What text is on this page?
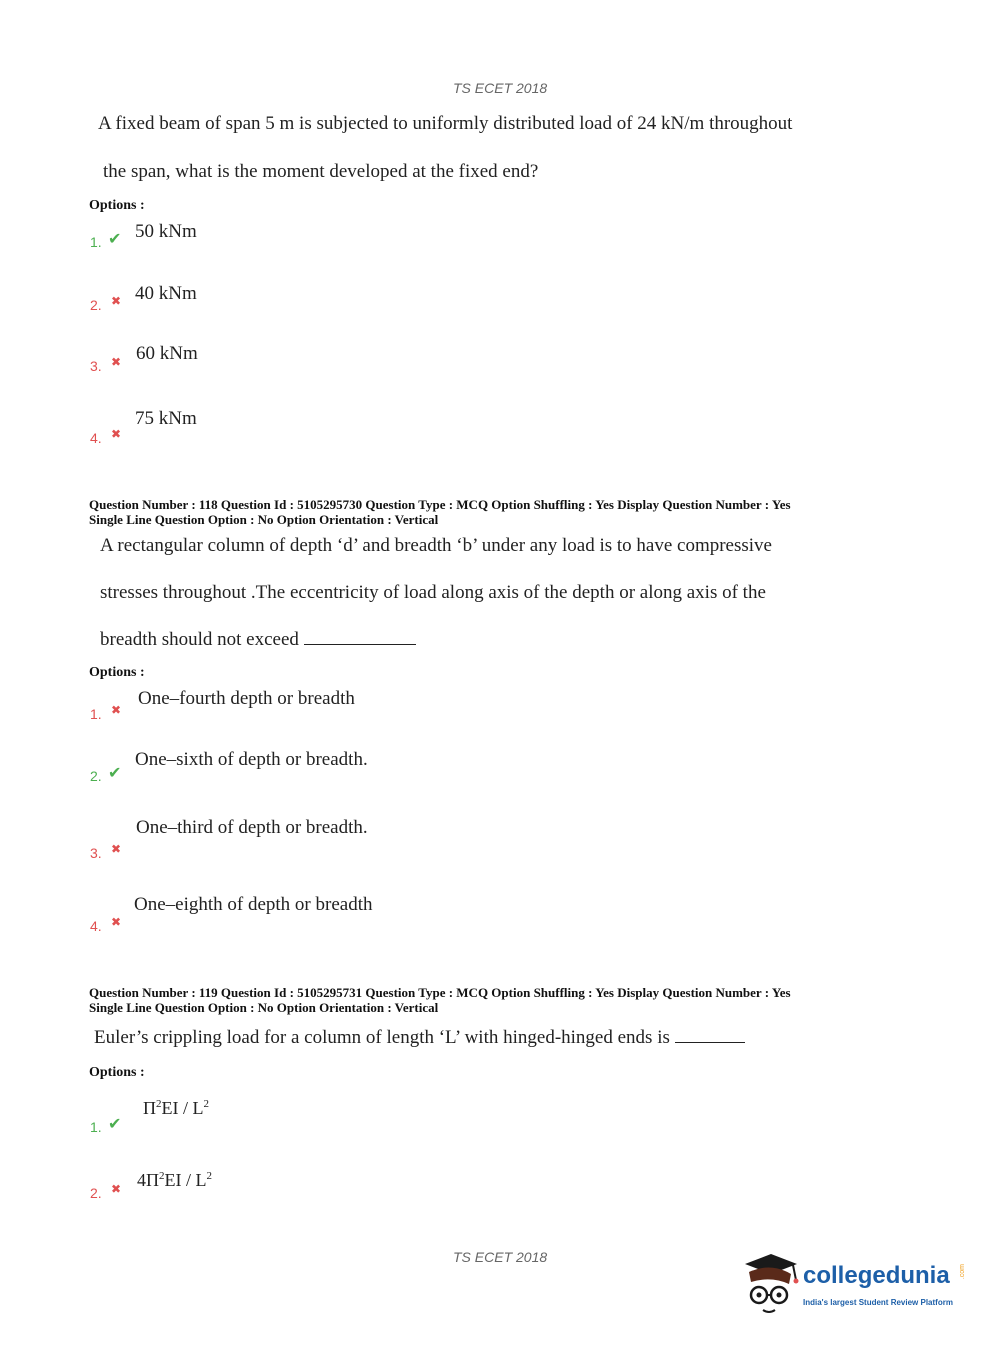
TS ECET 2018
A fixed beam of span 5 m is subjected to uniformly distributed load of 24 kN/m throughout
the span, what is the moment developed at the fixed end?
Options :
1. ✔ 50 kNm
2. ✖ 40 kNm
3. ✖ 60 kNm
4. ✖
75 kNm
Question Number : 118 Question Id : 5105295730 Question Type : MCQ Option Shuffling : Yes Display Question Number : Yes
Single Line Question Option : No Option Orientation : Vertical
A rectangular column of depth ‘d’ and breadth ‘b’ under any load is to have compressive
stresses throughout .The eccentricity of load along axis of the depth or along axis of the
breadth should not exceed
Options :
1. ✖
One–fourth depth or breadth
2. ✔
One–sixth of depth or breadth.
3. ✖
One–third of depth or breadth.
4. ✖
One–eighth of depth or breadth
Question Number : 119 Question Id : 5105295731 Question Type : MCQ Option Shuffling : Yes Display Question Number : Yes
Single Line Question Option : No Option Orientation : Vertical
Euler’s crippling load for a column of length ‘L’ with hinged-hinged ends is
Options :
1. ✔
$\Pi^2EI / L^2$
2. ✖ $4\Pi^2EI / L^2$
TS ECET 2018
collegedunia .com
India's largest Student Review Platform
